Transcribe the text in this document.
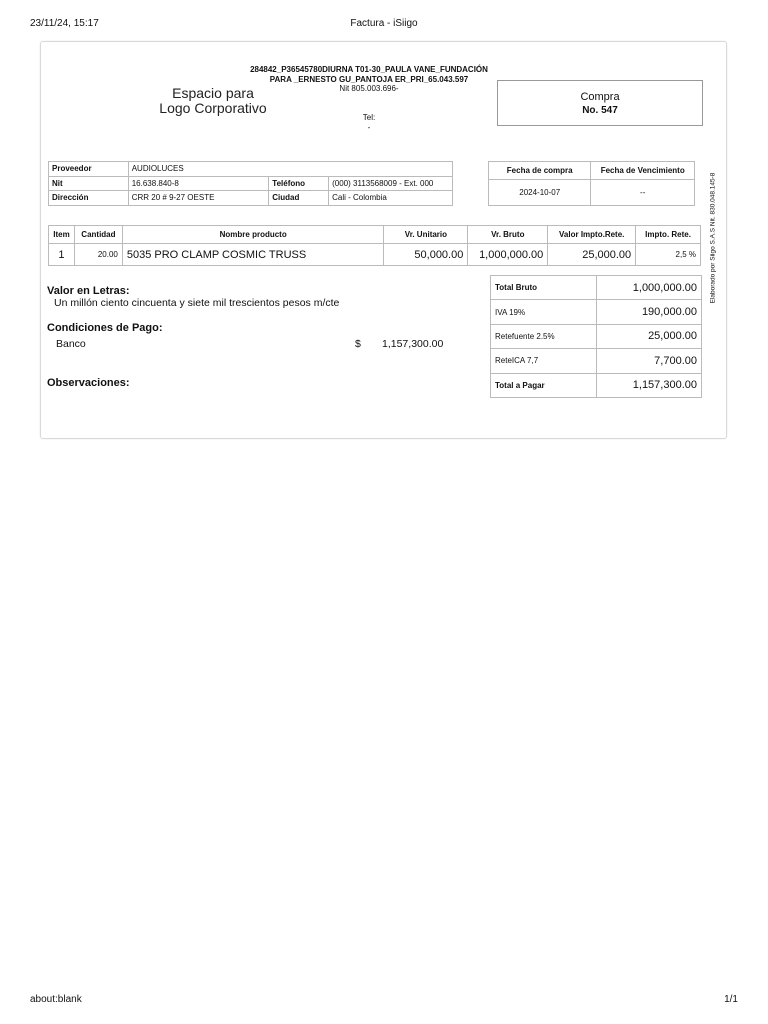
23/11/24, 15:17	Factura - iSiigo
Espacio para
Logo Corporativo
284842_P36545780DIURNA T01-30_PAULA VANE_FUNDACIÓN
PARA _ERNESTO GU_PANTOJA ER_PRI_65.043.597
Nit 805.003.696-
Tel:
-
Compra
No. 547
Proveedor	AUDIOLUCES		
Nit	16.638.840-8	Teléfono	(000) 3113568009 - Ext. 000
Dirección	CRR 20 # 9-27 OESTE	Ciudad	Cali - Colombia
Fecha de compra	Fecha de Vencimiento
2024-10-07	--
Item	Cantidad	Nombre producto	Vr. Unitario	Vr. Bruto	Valor Impto.Rete.	Impto. Rete.
1	20.00	5035 PRO CLAMP COSMIC TRUSS	50,000.00	1,000,000.00	25,000.00	2,5 %
Total Bruto	1,000,000.00
IVA 19%	190,000.00
Retefuente 2.5%	25,000.00
ReteICA 7,7	7,700.00
Total a Pagar	1,157,300.00
Valor en Letras:
Un millón ciento cincuenta y siete mil trescientos pesos m/cte
Condiciones de Pago:
Banco	$ 1,157,300.00
Observaciones:
Elaborado por Siigo S.A.S Nit. 830.048.145-8
about:blank	1/1
